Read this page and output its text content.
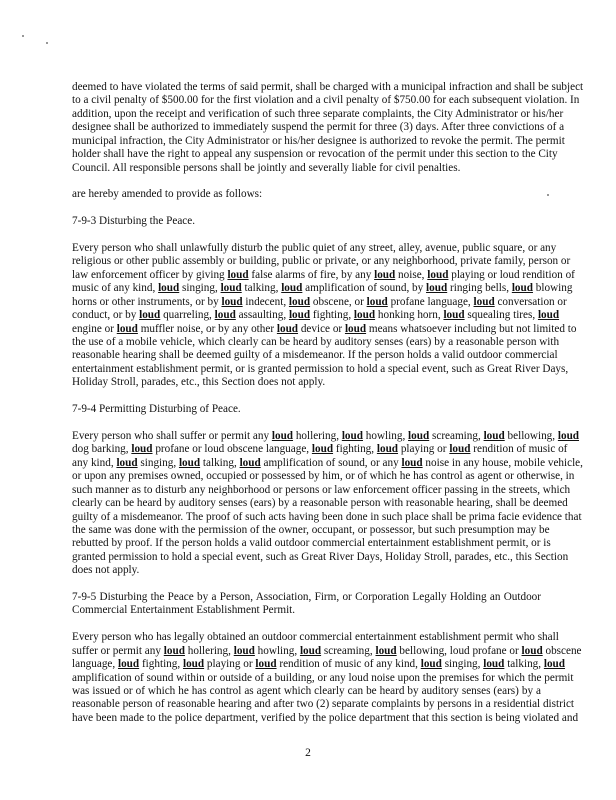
deemed to have violated the terms of said permit, shall be charged with a municipal infraction and shall be subject
to a civil penalty of $500.00 for the first violation and a civil penalty of $750.00 for each subsequent violation. In
addition, upon the receipt and verification of such three separate complaints, the City Administrator or his/her
designee shall be authorized to immediately suspend the permit for three (3) days. After three convictions of a
municipal infraction, the City Administrator or his/her designee is authorized to revoke the permit. The permit
holder shall have the right to appeal any suspension or revocation of the permit under this section to the City
Council. All responsible persons shall be jointly and severally liable for civil penalties.
are hereby amended to provide as follows:
7-9-3 Disturbing the Peace.
Every person who shall unlawfully disturb the public quiet of any street, alley, avenue, public square, or any
religious or other public assembly or building, public or private, or any neighborhood, private family, person or
law enforcement officer by giving loud false alarms of fire, by any loud noise, loud playing or loud rendition of
music of any kind, loud singing, loud talking, loud amplification of sound, by loud ringing bells, loud blowing
horns or other instruments, or by loud indecent, loud obscene, or loud profane language, loud conversation or
conduct, or by loud quarreling, loud assaulting, loud fighting, loud honking horn, loud squealing tires, loud
engine or loud muffler noise, or by any other loud device or loud means whatsoever including but not limited to
the use of a mobile vehicle, which clearly can be heard by auditory senses (ears) by a reasonable person with
reasonable hearing shall be deemed guilty of a misdemeanor. If the person holds a valid outdoor commercial
entertainment establishment permit, or is granted permission to hold a special event, such as Great River Days,
Holiday Stroll, parades, etc., this Section does not apply.
7-9-4 Permitting Disturbing of Peace.
Every person who shall suffer or permit any loud hollering, loud howling, loud screaming, loud bellowing, loud
dog barking, loud profane or loud obscene language, loud fighting, loud playing or loud rendition of music of
any kind, loud singing, loud talking, loud amplification of sound, or any loud noise in any house, mobile vehicle,
or upon any premises owned, occupied or possessed by him, or of which he has control as agent or otherwise, in
such manner as to disturb any neighborhood or persons or law enforcement officer passing in the streets, which
clearly can be heard by auditory senses (ears) by a reasonable person with reasonable hearing, shall be deemed
guilty of a misdemeanor. The proof of such acts having been done in such place shall be prima facie evidence that
the same was done with the permission of the owner, occupant, or possessor, but such presumption may be
rebutted by proof. If the person holds a valid outdoor commercial entertainment establishment permit, or is
granted permission to hold a special event, such as Great River Days, Holiday Stroll, parades, etc., this Section
does not apply.
7-9-5 Disturbing the Peace by a Person, Association, Firm, or Corporation Legally Holding an Outdoor
Commercial Entertainment Establishment Permit.
Every person who has legally obtained an outdoor commercial entertainment establishment permit who shall
suffer or permit any loud hollering, loud howling, loud screaming, loud bellowing, loud profane or loud obscene
language, loud fighting, loud playing or loud rendition of music of any kind, loud singing, loud talking, loud
amplification of sound within or outside of a building, or any loud noise upon the premises for which the permit
was issued or of which he has control as agent which clearly can be heard by auditory senses (ears) by a
reasonable person of reasonable hearing and after two (2) separate complaints by persons in a residential district
have been made to the police department, verified by the police department that this section is being violated and
2
